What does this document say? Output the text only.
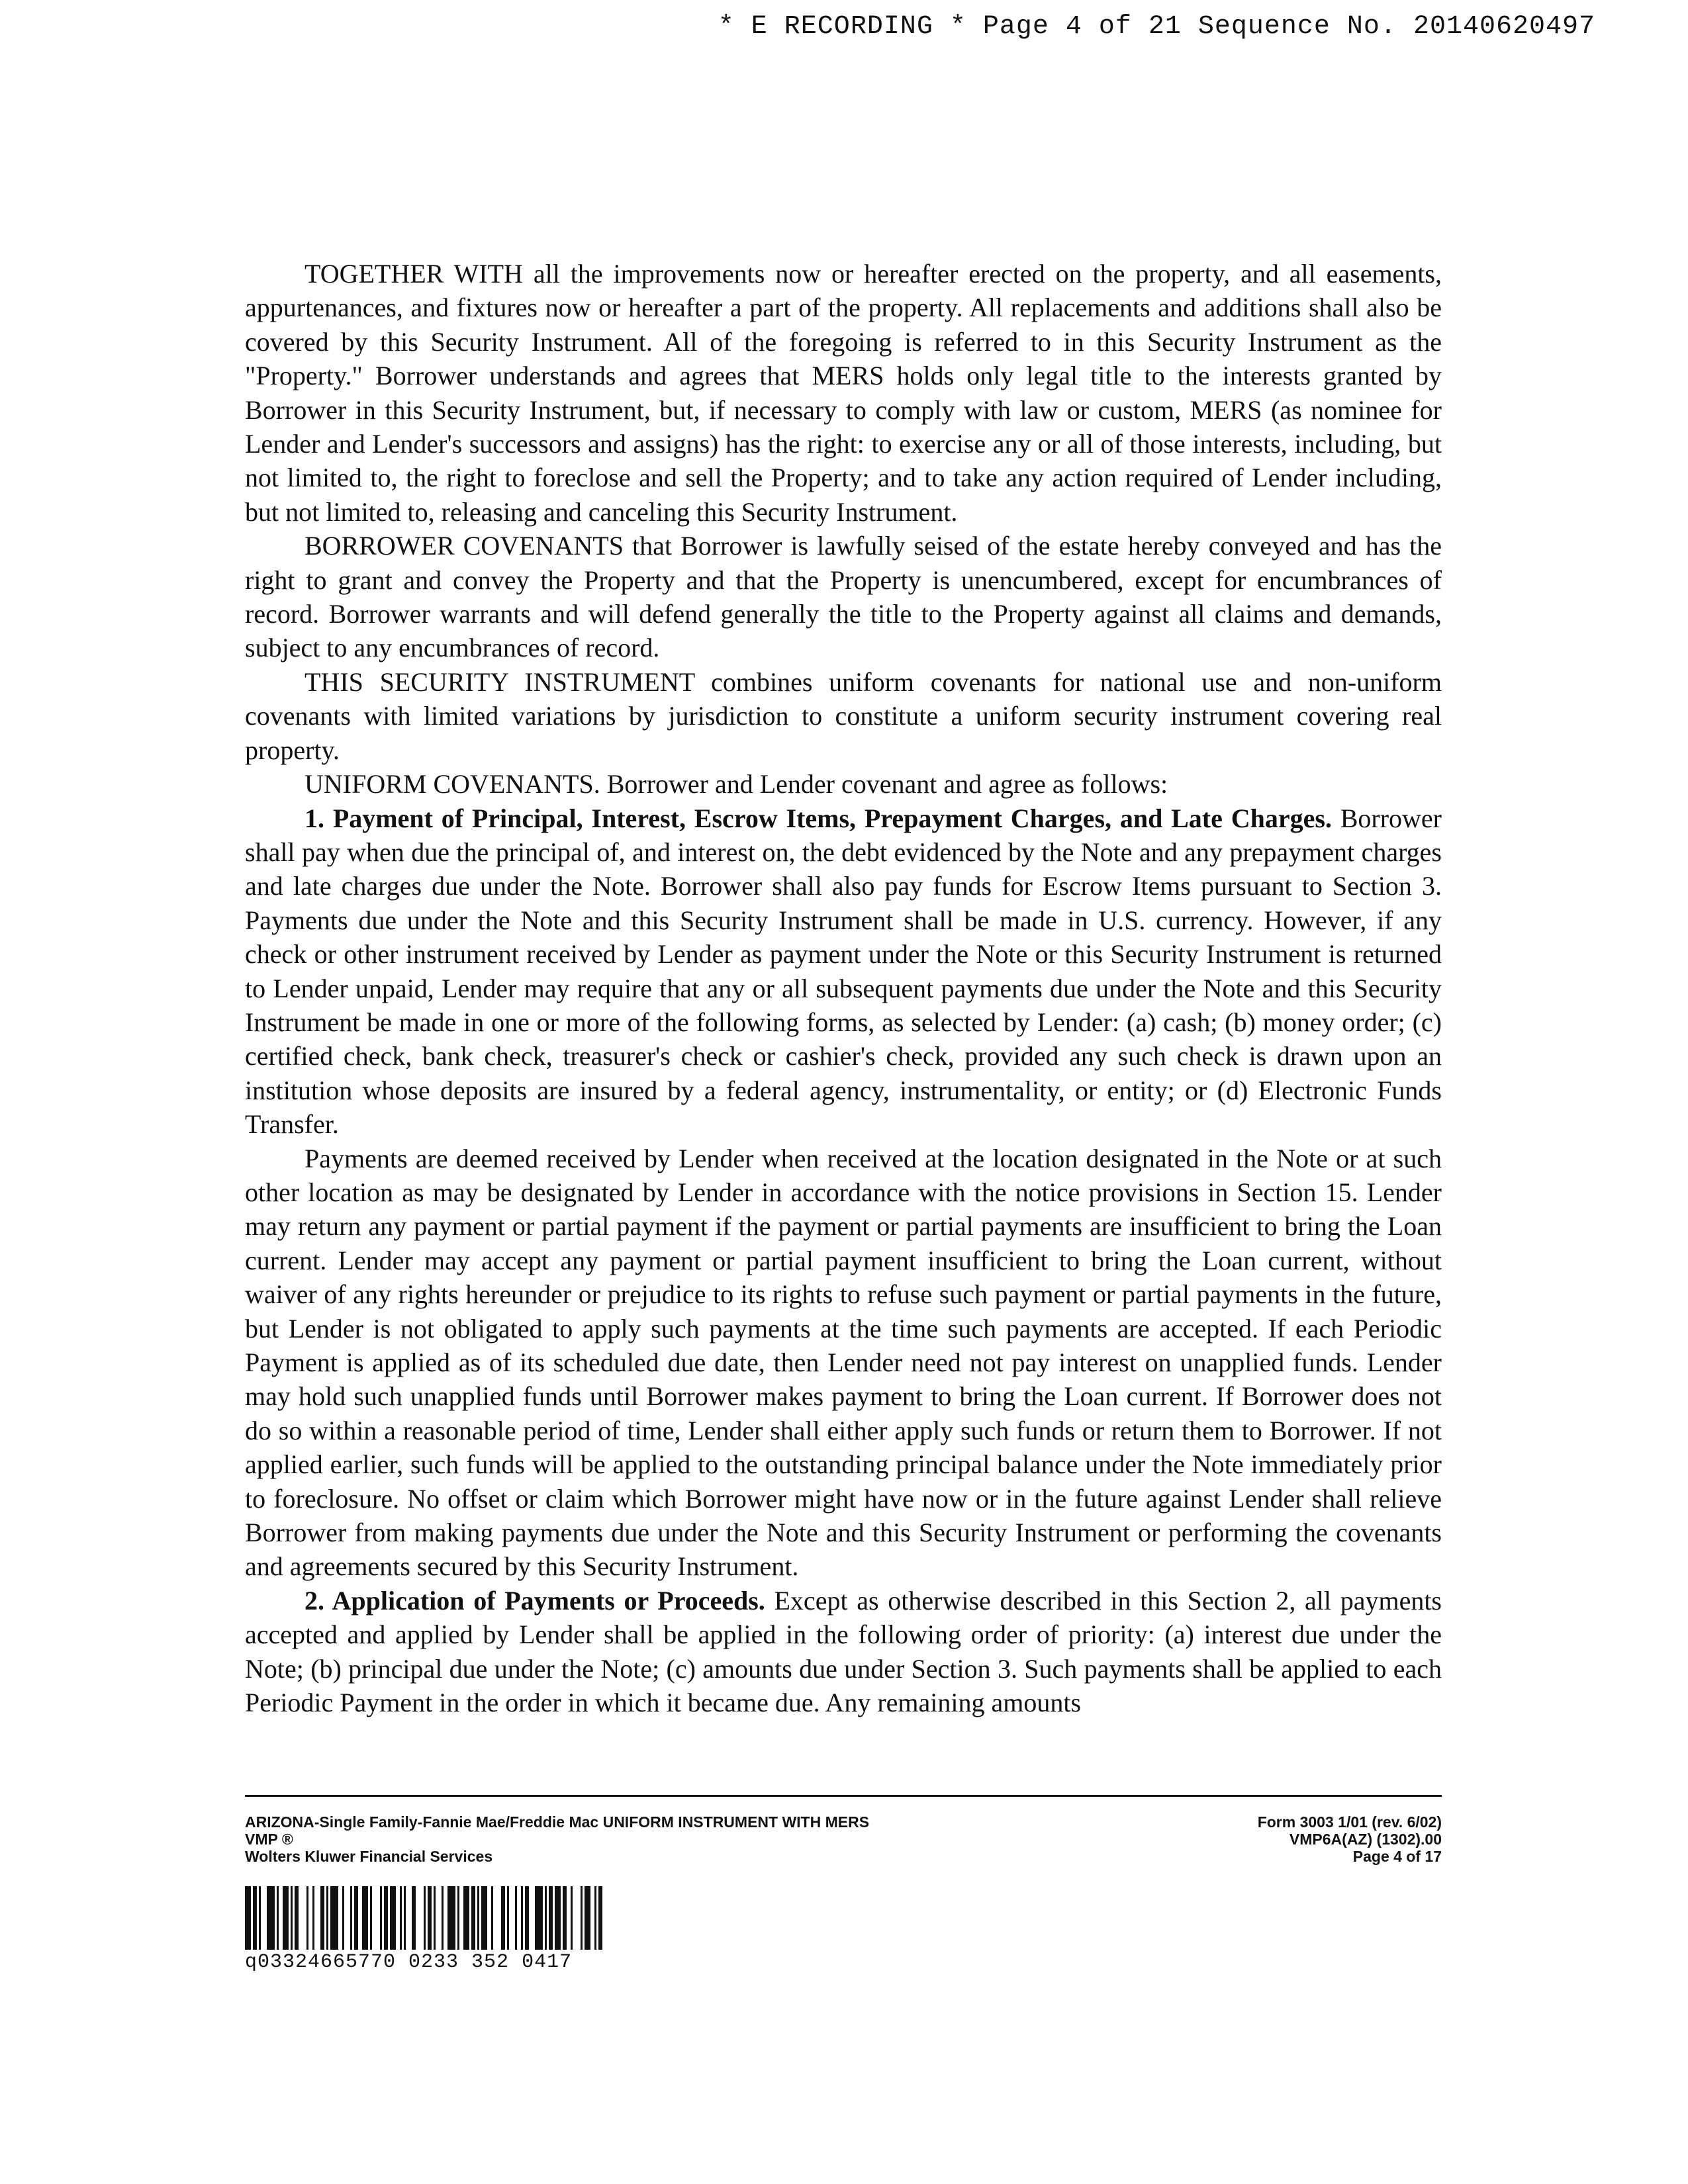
* E RECORDING * Page 4 of 21 Sequence No. 20140620497

TOGETHER WITH all the improvements now or hereafter erected on the property, and all easements, appurtenances, and fixtures now or hereafter a part of the property. All replacements and additions shall also be covered by this Security Instrument. All of the foregoing is referred to in this Security Instrument as the "Property." Borrower understands and agrees that MERS holds only legal title to the interests granted by Borrower in this Security Instrument, but, if necessary to comply with law or custom, MERS (as nominee for Lender and Lender's successors and assigns) has the right: to exercise any or all of those interests, including, but not limited to, the right to foreclose and sell the Property; and to take any action required of Lender including, but not limited to, releasing and canceling this Security Instrument.

BORROWER COVENANTS that Borrower is lawfully seised of the estate hereby conveyed and has the right to grant and convey the Property and that the Property is unencumbered, except for encumbrances of record. Borrower warrants and will defend generally the title to the Property against all claims and demands, subject to any encumbrances of record.

THIS SECURITY INSTRUMENT combines uniform covenants for national use and non-uniform covenants with limited variations by jurisdiction to constitute a uniform security instrument covering real property.

UNIFORM COVENANTS. Borrower and Lender covenant and agree as follows:

1. Payment of Principal, Interest, Escrow Items, Prepayment Charges, and Late Charges. Borrower shall pay when due the principal of, and interest on, the debt evidenced by the Note and any prepayment charges and late charges due under the Note. Borrower shall also pay funds for Escrow Items pursuant to Section 3. Payments due under the Note and this Security Instrument shall be made in U.S. currency. However, if any check or other instrument received by Lender as payment under the Note or this Security Instrument is returned to Lender unpaid, Lender may require that any or all subsequent payments due under the Note and this Security Instrument be made in one or more of the following forms, as selected by Lender: (a) cash; (b) money order; (c) certified check, bank check, treasurer's check or cashier's check, provided any such check is drawn upon an institution whose deposits are insured by a federal agency, instrumentality, or entity; or (d) Electronic Funds Transfer.

Payments are deemed received by Lender when received at the location designated in the Note or at such other location as may be designated by Lender in accordance with the notice provisions in Section 15. Lender may return any payment or partial payment if the payment or partial payments are insufficient to bring the Loan current. Lender may accept any payment or partial payment insufficient to bring the Loan current, without waiver of any rights hereunder or prejudice to its rights to refuse such payment or partial payments in the future, but Lender is not obligated to apply such payments at the time such payments are accepted. If each Periodic Payment is applied as of its scheduled due date, then Lender need not pay interest on unapplied funds. Lender may hold such unapplied funds until Borrower makes payment to bring the Loan current. If Borrower does not do so within a reasonable period of time, Lender shall either apply such funds or return them to Borrower. If not applied earlier, such funds will be applied to the outstanding principal balance under the Note immediately prior to foreclosure. No offset or claim which Borrower might have now or in the future against Lender shall relieve Borrower from making payments due under the Note and this Security Instrument or performing the covenants and agreements secured by this Security Instrument.

2. Application of Payments or Proceeds. Except as otherwise described in this Section 2, all payments accepted and applied by Lender shall be applied in the following order of priority: (a) interest due under the Note; (b) principal due under the Note; (c) amounts due under Section 3. Such payments shall be applied to each Periodic Payment in the order in which it became due. Any remaining amounts

ARIZONA-Single Family-Fannie Mae/Freddie Mac UNIFORM INSTRUMENT WITH MERS
VMP ®
Wolters Kluwer Financial Services
Form 3003 1/01 (rev. 6/02)
VMP6A(AZ) (1302).00
Page 4 of 17
q03324665770 0233 352 0417
